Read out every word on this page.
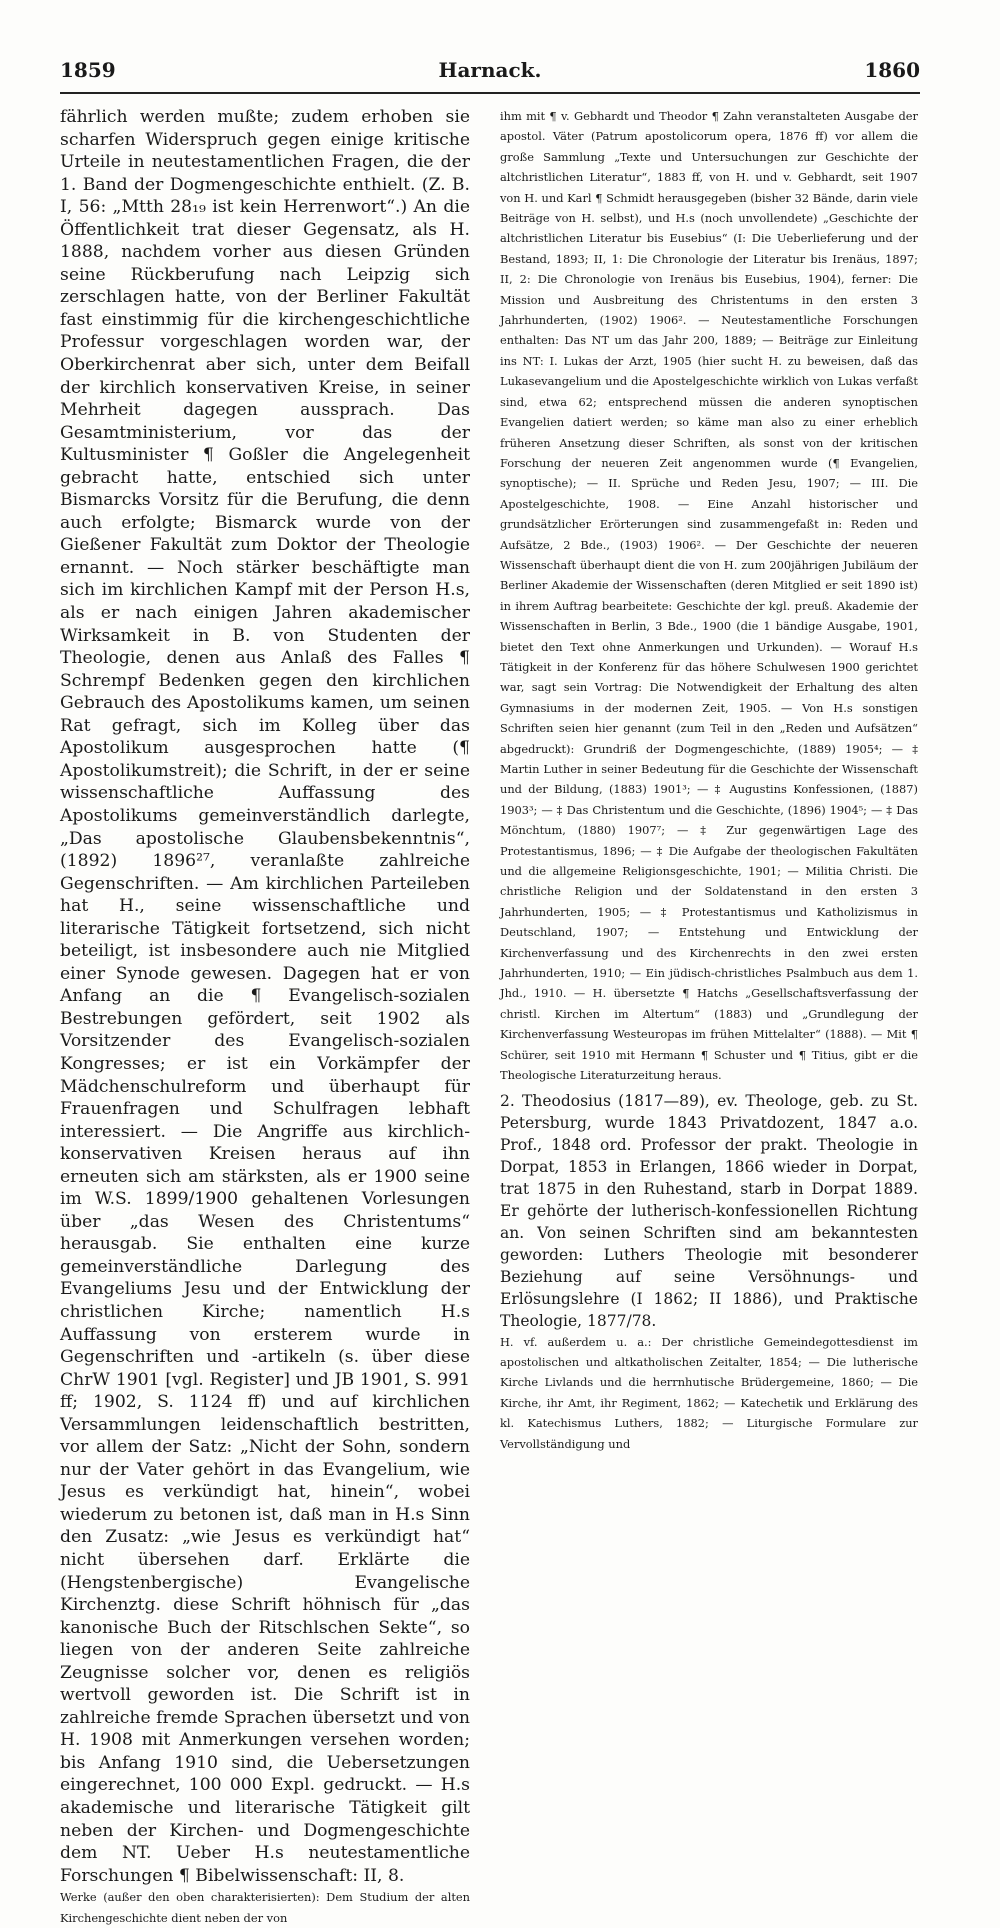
Harnack.
1859	1860

fährlich werden mußte; zudem erhoben sie scharfen Widerspruch gegen einige kritische Urteile in neutestamentlichen Fragen, die der 1. Band der Dogmengeschichte enthielt. (Z. B. I, 56: „Mtth 28₁₉ ist kein Herrenwort“.) An die Öffentlichkeit trat dieser Gegensatz, als H. 1888, nachdem vorher aus diesen Gründen seine Rückberufung nach Leipzig sich zerschlagen hatte, von der Berliner Fakultät fast einstimmig für die kirchengeschichtliche Professur vorgeschlagen worden war, der Oberkirchenrat aber sich, unter dem Beifall der kirchlich konservativen Kreise, in seiner Mehrheit dagegen aussprach. Das Gesamtministerium, vor das der Kultusminister ¶ Goßler die Angelegenheit gebracht hatte, entschied sich unter Bismarcks Vorsitz für die Berufung, die denn auch erfolgte; Bismarck wurde von der Gießener Fakultät zum Doktor der Theologie ernannt. — Noch stärker beschäftigte man sich im kirchlichen Kampf mit der Person H.s, als er nach einigen Jahren akademischer Wirksamkeit in B. von Studenten der Theologie, denen aus Anlaß des Falles ¶ Schrempf Bedenken gegen den kirchlichen Gebrauch des Apostolikums kamen, um seinen Rat gefragt, sich im Kolleg über das Apostolikum ausgesprochen hatte (¶ Apostolikumstreit); die Schrift, in der er seine wissenschaftliche Auffassung des Apostolikums gemeinverständlich darlegte, „Das apostolische Glaubensbekenntnis“, (1892) 1896²⁷, veranlaßte zahlreiche Gegenschriften. — Am kirchlichen Parteileben hat H., seine wissenschaftliche und literarische Tätigkeit fortsetzend, sich nicht beteiligt, ist insbesondere auch nie Mitglied einer Synode gewesen. Dagegen hat er von Anfang an die ¶ Evangelisch-sozialen Bestrebungen gefördert, seit 1902 als Vorsitzender des Evangelisch-sozialen Kongresses; er ist ein Vorkämpfer der Mädchenschulreform und überhaupt für Frauenfragen und Schulfragen lebhaft interessiert. — Die Angriffe aus kirchlich-konservativen Kreisen heraus auf ihn erneuten sich am stärksten, als er 1900 seine im W.S. 1899/1900 gehaltenen Vorlesungen über „das Wesen des Christentums“ herausgab. Sie enthalten eine kurze gemeinverständliche Darlegung des Evangeliums Jesu und der Entwicklung der christlichen Kirche; namentlich H.s Auffassung von ersterem wurde in Gegenschriften und -artikeln (s. über diese ChrW 1901 [vgl. Register] und JB 1901, S. 991 ff; 1902, S. 1124 ff) und auf kirchlichen Versammlungen leidenschaftlich bestritten, vor allem der Satz: „Nicht der Sohn, sondern nur der Vater gehört in das Evangelium, wie Jesus es verkündigt hat, hinein“, wobei wiederum zu betonen ist, daß man in H.s Sinn den Zusatz: „wie Jesus es verkündigt hat“ nicht übersehen darf. Erklärte die (Hengstenbergische) Evangelische Kirchenztg. diese Schrift höhnisch für „das kanonische Buch der Ritschlschen Sekte“, so liegen von der anderen Seite zahlreiche Zeugnisse solcher vor, denen es religiös wertvoll geworden ist. Die Schrift ist in zahlreiche fremde Sprachen übersetzt und von H. 1908 mit Anmerkungen versehen worden; bis Anfang 1910 sind, die Uebersetzungen eingerechnet, 100 000 Expl. gedruckt. — H.s akademische und literarische Tätigkeit gilt neben der Kirchen- und Dogmengeschichte dem NT. Ueber H.s neutestamentliche Forschungen ¶ Bibelwissenschaft: II, 8.

Werke (außer den oben charakterisierten): Dem Studium der alten Kirchengeschichte dient neben der von

ihm mit ¶ v. Gebhardt und Theodor ¶ Zahn veranstalteten Ausgabe der apostol. Väter (Patrum apostolicorum opera, 1876 ff) vor allem die große Sammlung „Texte und Untersuchungen zur Geschichte der altchristlichen Literatur“, 1883 ff, von H. und v. Gebhardt, seit 1907 von H. und Karl ¶ Schmidt herausgegeben (bisher 32 Bände, darin viele Beiträge von H. selbst), und H.s (noch unvollendete) „Geschichte der altchristlichen Literatur bis Eusebius“ (I: Die Ueberlieferung und der Bestand, 1893; II, 1: Die Chronologie der Literatur bis Irenäus, 1897; II, 2: Die Chronologie von Irenäus bis Eusebius, 1904), ferner: Die Mission und Ausbreitung des Christentums in den ersten 3 Jahrhunderten, (1902) 1906². — Neutestamentliche Forschungen enthalten: Das NT um das Jahr 200, 1889; — Beiträge zur Einleitung ins NT: I. Lukas der Arzt, 1905 (hier sucht H. zu beweisen, daß das Lukasevangelium und die Apostelgeschichte wirklich von Lukas verfaßt sind, etwa 62; entsprechend müssen die anderen synoptischen Evangelien datiert werden; so käme man also zu einer erheblich früheren Ansetzung dieser Schriften, als sonst von der kritischen Forschung der neueren Zeit angenommen wurde (¶ Evangelien, synoptische); — II. Sprüche und Reden Jesu, 1907; — III. Die Apostelgeschichte, 1908. — Eine Anzahl historischer und grundsätzlicher Erörterungen sind zusammengefaßt in: Reden und Aufsätze, 2 Bde., (1903) 1906². — Der Geschichte der neueren Wissenschaft überhaupt dient die von H. zum 200jährigen Jubiläum der Berliner Akademie der Wissenschaften (deren Mitglied er seit 1890 ist) in ihrem Auftrag bearbeitete: Geschichte der kgl. preuß. Akademie der Wissenschaften in Berlin, 3 Bde., 1900 (die 1 bändige Ausgabe, 1901, bietet den Text ohne Anmerkungen und Urkunden). — Worauf H.s Tätigkeit in der Konferenz für das höhere Schulwesen 1900 gerichtet war, sagt sein Vortrag: Die Notwendigkeit der Erhaltung des alten Gymnasiums in der modernen Zeit, 1905. — Von H.s sonstigen Schriften seien hier genannt (zum Teil in den „Reden und Aufsätzen“ abgedruckt): Grundriß der Dogmengeschichte, (1889) 1905⁴; — ‡ Martin Luther in seiner Bedeutung für die Geschichte der Wissenschaft und der Bildung, (1883) 1901³; — ‡ Augustins Konfessionen, (1887) 1903³; — ‡ Das Christentum und die Geschichte, (1896) 1904⁵; — ‡ Das Mönchtum, (1880) 1907⁷; — ‡ Zur gegenwärtigen Lage des Protestantismus, 1896; — ‡ Die Aufgabe der theologischen Fakultäten und die allgemeine Religionsgeschichte, 1901; — Militia Christi. Die christliche Religion und der Soldatenstand in den ersten 3 Jahrhunderten, 1905; — ‡ Protestantismus und Katholizismus in Deutschland, 1907; — Entstehung und Entwicklung der Kirchenverfassung und des Kirchenrechts in den zwei ersten Jahrhunderten, 1910; — Ein jüdisch-christliches Psalmbuch aus dem 1. Jhd., 1910. — H. übersetzte ¶ Hatchs „Gesellschaftsverfassung der christl. Kirchen im Altertum“ (1883) und „Grundlegung der Kirchenverfassung Westeuropas im frühen Mittelalter“ (1888). — Mit ¶ Schürer, seit 1910 mit Hermann ¶ Schuster und ¶ Titius, gibt er die Theologische Literaturzeitung heraus.

2. Theodosius (1817—89), ev. Theologe, geb. zu St. Petersburg, wurde 1843 Privatdozent, 1847 a.o. Prof., 1848 ord. Professor der prakt. Theologie in Dorpat, 1853 in Erlangen, 1866 wieder in Dorpat, trat 1875 in den Ruhestand, starb in Dorpat 1889. Er gehörte der lutherisch-konfessionellen Richtung an. Von seinen Schriften sind am bekanntesten geworden: Luthers Theologie mit besonderer Beziehung auf seine Versöhnungs- und Erlösungslehre (I 1862; II 1886), und Praktische Theologie, 1877/78.

H. vf. außerdem u. a.: Der christliche Gemeindegottesdienst im apostolischen und altkatholischen Zeitalter, 1854; — Die lutherische Kirche Livlands und die herrnhutische Brüdergemeine, 1860; — Die Kirche, ihr Amt, ihr Regiment, 1862; — Katechetik und Erklärung des kl. Katechismus Luthers, 1882; — Liturgische Formulare zur Vervollständigung und
